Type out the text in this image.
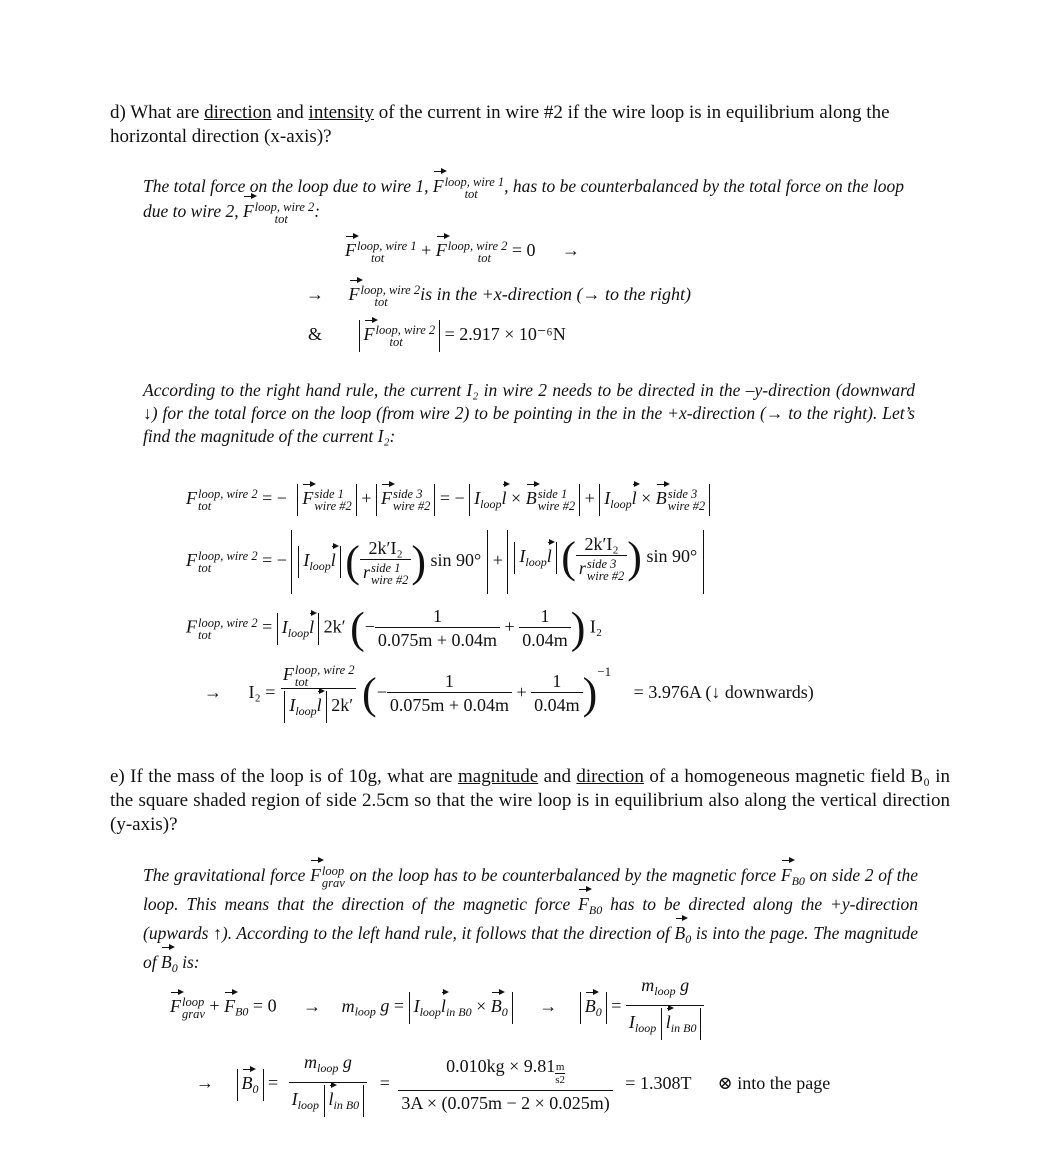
d) What are direction and intensity of the current in wire #2 if the wire loop is in equilibrium along the horizontal direction (x-axis)?
The total force on the loop due to wire 1, F loop, wire 1
tot	, has to be counterbalanced by the total force on the loop due to wire 2, F loop, wire 2
tot	:
F loop, wire 1
tot	+ F loop, wire 2
tot	= 0 →
→ F loop, wire 2
tot	is in the +x-direction (→ to the right)
& F loop, wire 2
tot	= 2.917 × 10⁻⁶N
According to the right hand rule, the current I₂ in wire 2 needs to be directed in the –y-direction (downward ↓) for the total force on the loop (from wire 2) to be pointing in the in the +x-direction (→ to the right). Let’s find the magnitude of the current I₂:
F loop, wire 2
tot	= − F side 1
wire #2 + F side 3
wire #2 = − $I_{loop}l \times B$ side 1
wire #2 + $I_{loop}l \times B$ side 3
wire #2
F loop, wire 2
tot	= − $I_{loop}l$ ( 2k′I₂
r side 1
wire #2 ) $\sin 90^\circ + I_{loop}l$ ( 2k′I₂
r side 3
wire #2 ) sin 90°
F loop, wire 2
tot	= $I_{loop}l$ 2k′ (− $\frac{1}{0.075m + 0.04m} + \frac{1}{0.04m}$ ) I₂
→ I₂ = F loop, wire 2
tot
$I_{loop}l$ 2k′ (− $\frac{1}{0.075m + 0.04m} + \frac{1}{0.04m} )^{-1} = 3.976A$ (↓ downwards)
e) If the mass of the loop is of 10g, what are magnitude and direction of a homogeneous magnetic field B₀ in the square shaded region of side 2.5cm so that the wire loop is in equilibrium also along the vertical direction (y-axis)?
The gravitational force F loop
grav on the loop has to be counterbalanced by the magnetic force $F_{B0}$ on side 2 of the loop. This means that the direction of the magnetic force $F_{B0}$ has to be directed along the +y-direction (upwards ↑). According to the left hand rule, it follows that the direction of $B_0$ is into the page. The magnitude of $B_0$ is:
F loop
grav + $F_{B0} = 0 \to m_{loop}$ $g = I_{loop}l_{in B0} \times B_0 \to B_0 = \frac{m_{loop} g}{I_{loop} l_{in B0}}$
→ $B_0 = \frac{m_{loop} g}{I_{loop} l_{in B0}} = \frac{0.010kg \times 9.81 \frac{m}{s2}}{3A \times (0.075m - 2 \times 0.025m)} = 1.308T$ ⊗ into the page
